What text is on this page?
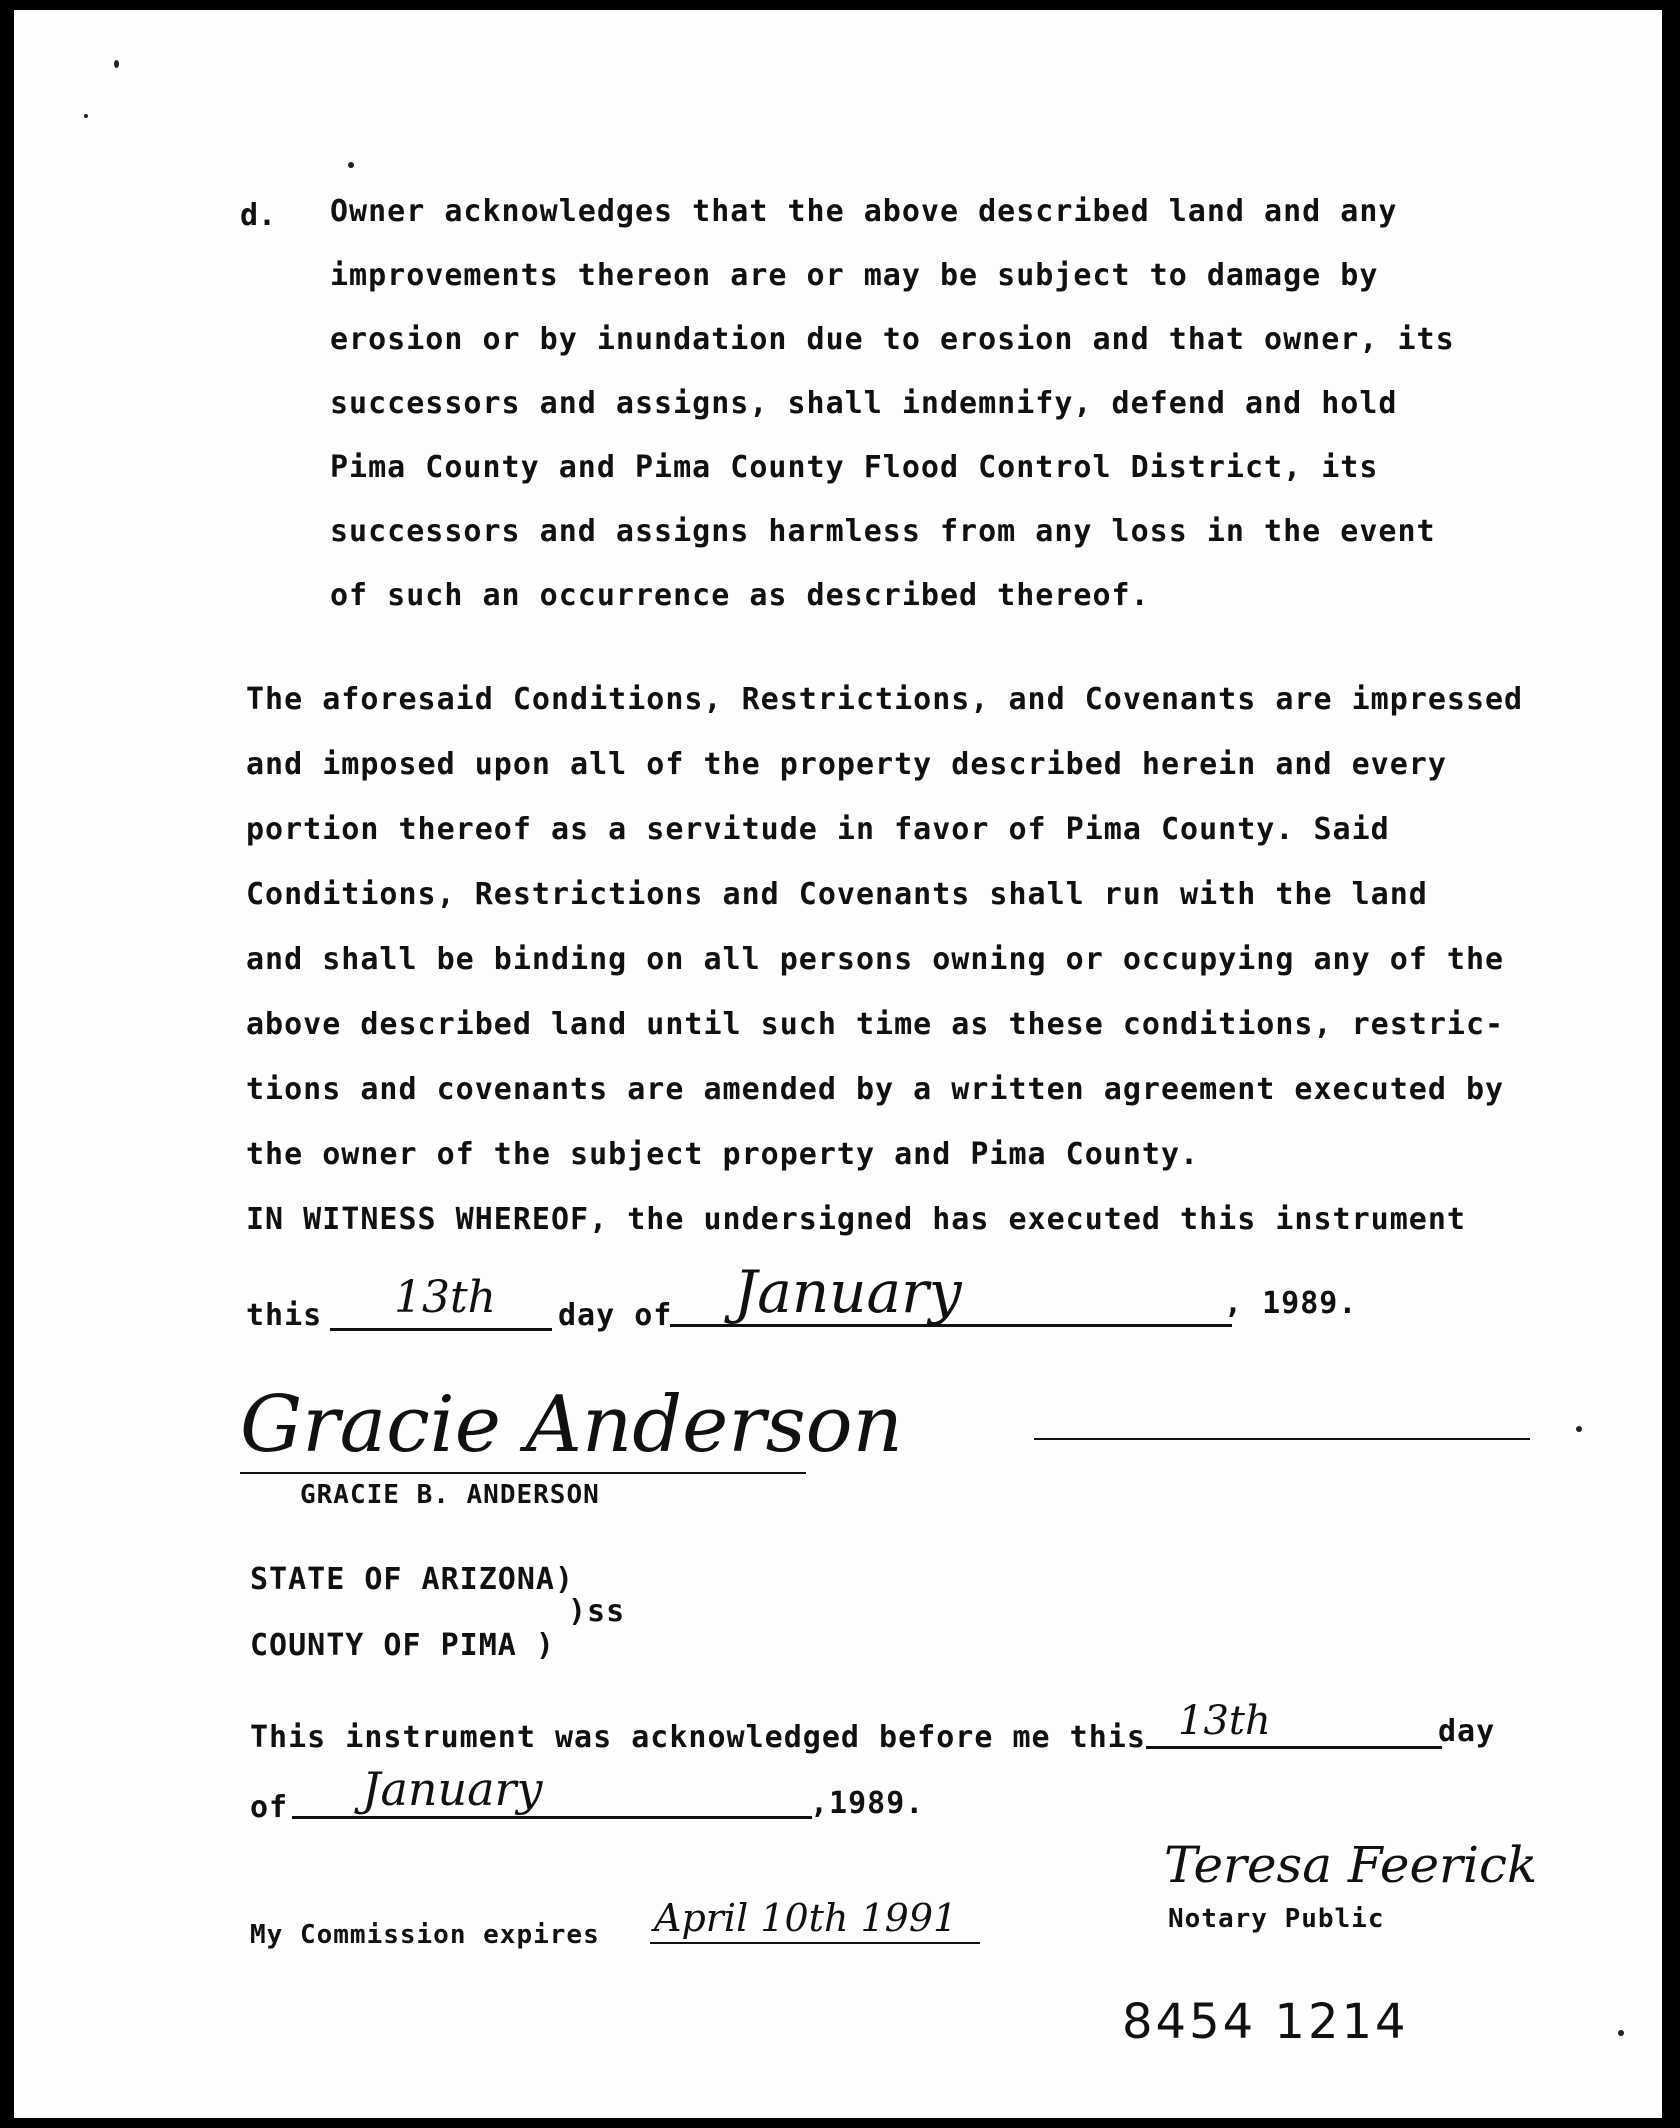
d. Owner acknowledges that the above described land and any
improvements thereon are or may be subject to damage by
erosion or by inundation due to erosion and that owner, its
successors and assigns, shall indemnify, defend and hold
Pima County and Pima County Flood Control District, its
successors and assigns harmless from any loss in the event
of such an occurrence as described thereof.
The aforesaid Conditions, Restrictions, and Covenants are impressed
and imposed upon all of the property described herein and every
portion thereof as a servitude in favor of Pima County. Said
Conditions, Restrictions and Covenants shall run with the land
and shall be binding on all persons owning or occupying any of the
above described land until such time as these conditions, restric-
tions and covenants are amended by a written agreement executed by
the owner of the subject property and Pima County.
IN WITNESS WHEREOF, the undersigned has executed this instrument
this 13th day of January	, 1989.
Gracie Anderson
GRACIE B. ANDERSON
STATE OF ARIZONA)
)ss
COUNTY OF PIMA )
This instrument was acknowledged before me this 13th	day
of January	,1989.
My Commission expires April 10th 1991
Teresa Feerick
Notary Public
8454 1214
